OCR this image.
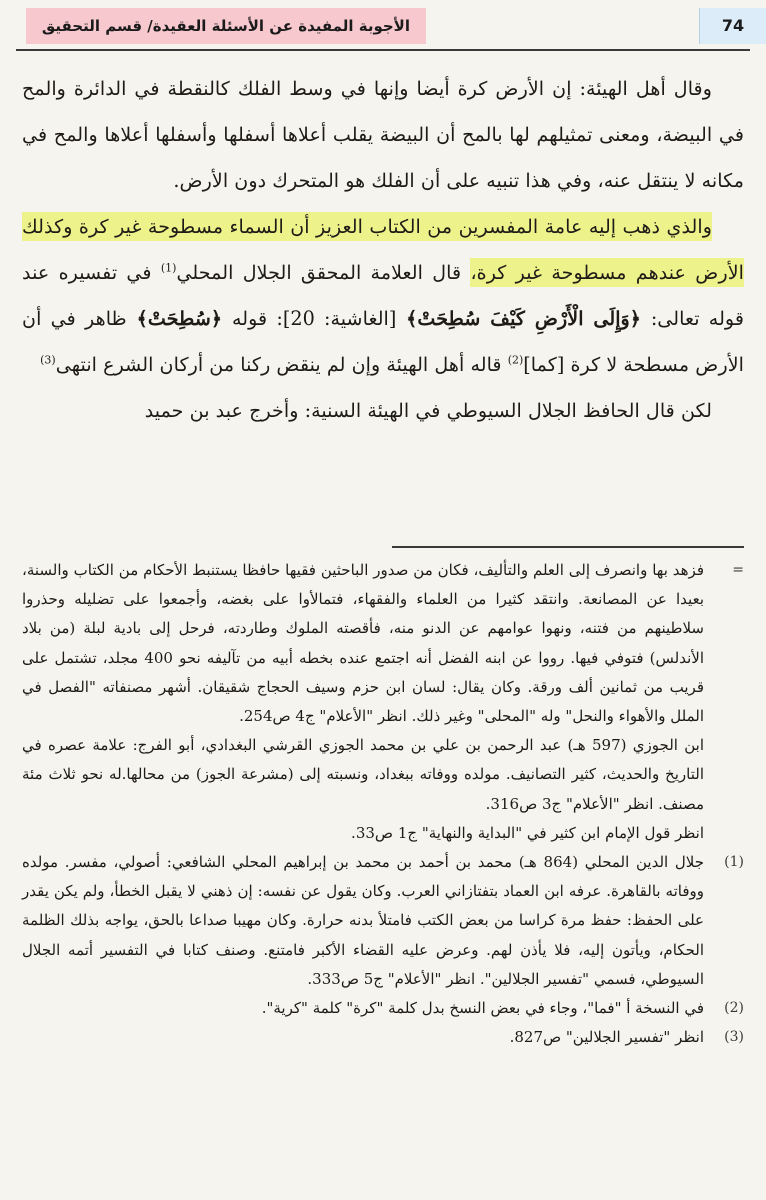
الأجوبة المفيدة عن الأسئلة العقيدة/ قسم التحقيق	74

وقال أهل الهيئة: إن الأرض كرة أيضا وإنها في وسط الفلك كالنقطة في الدائرة والمح في البيضة، ومعنى تمثيلهم لها بالمح أن البيضة يقلب أعلاها أسفلها وأسفلها أعلاها والمح في مكانه لا ينتقل عنه، وفي هذا تنبيه على أن الفلك هو المتحرك دون الأرض.

والذي ذهب إليه عامة المفسرين من الكتاب العزيز أن السماء مسطوحة غير كرة وكذلك الأرض عندهم مسطوحة غير كرة، قال العلامة المحقق الجلال المحلي$^{(1)}$ في تفسيره عند قوله تعالى: ﴿وَإِلَى الْأَرْضِ كَيْفَ سُطِحَتْ﴾ [الغاشية: 20]: قوله ﴿سُطِحَتْ﴾ ظاهر في أن الأرض مسطحة لا كرة [كما]$^{(2)}$ قاله أهل الهيئة وإن لم ينقض ركنا من أركان الشرع انتهى$^{(3)}$

لكن قال الحافظ الجلال السيوطي في الهيئة السنية: وأخرج عبد بن حميد

=

فزهد بها وانصرف إلى العلم والتأليف، فكان من صدور الباحثين فقيها حافظا يستنبط الأحكام من الكتاب والسنة، بعيدا عن المصانعة. وانتقد كثيرا من العلماء والفقهاء، فتمالأوا على بغضه، وأجمعوا على تضليله وحذروا سلاطينهم من فتنه، ونهوا عوامهم عن الدنو منه، فأقصته الملوك وطاردته، فرحل إلى بادية لبلة (من بلاد الأندلس) فتوفي فيها. رووا عن ابنه الفضل أنه اجتمع عنده بخطه أبيه من تآليفه نحو 400 مجلد، تشتمل على قريب من ثمانين ألف ورقة. وكان يقال: لسان ابن حزم وسيف الحجاج شقيقان. أشهر مصنفاته "الفصل في الملل والأهواء والنحل" وله "المحلى" وغير ذلك. انظر "الأعلام" ج4 ص254.

ابن الجوزي (597 هـ) عبد الرحمن بن علي بن محمد الجوزي القرشي البغدادي، أبو الفرج: علامة عصره في التاريخ والحديث، كثير التصانيف. مولده ووفاته ببغداد، ونسبته إلى (مشرعة الجوز) من محالها.له نحو ثلاث مئة مصنف. انظر "الأعلام" ج3 ص316.

انظر قول الإمام ابن كثير في "البداية والنهاية" ج1 ص33.

(1)

جلال الدين المحلي (864 هـ) محمد بن أحمد بن محمد بن إبراهيم المحلي الشافعي: أصولي، مفسر. مولده ووفاته بالقاهرة. عرفه ابن العماد بتفتازاني العرب. وكان يقول عن نفسه: إن ذهني لا يقبل الخطأ، ولم يكن يقدر على الحفظ: حفظ مرة كراسا من بعض الكتب فامتلأ بدنه حرارة. وكان مهيبا صداعا بالحق، يواجه بذلك الظلمة الحكام، ويأتون إليه، فلا يأذن لهم. وعرض عليه القضاء الأكبر فامتنع. وصنف كتابا في التفسير أتمه الجلال السيوطي، فسمي "تفسير الجلالين". انظر "الأعلام" ج5 ص333.

(2)

في النسخة أ "فما"، وجاء في بعض النسخ بدل كلمة "كرة" كلمة "كرية".

(3)

انظر "تفسير الجلالين" ص827.
